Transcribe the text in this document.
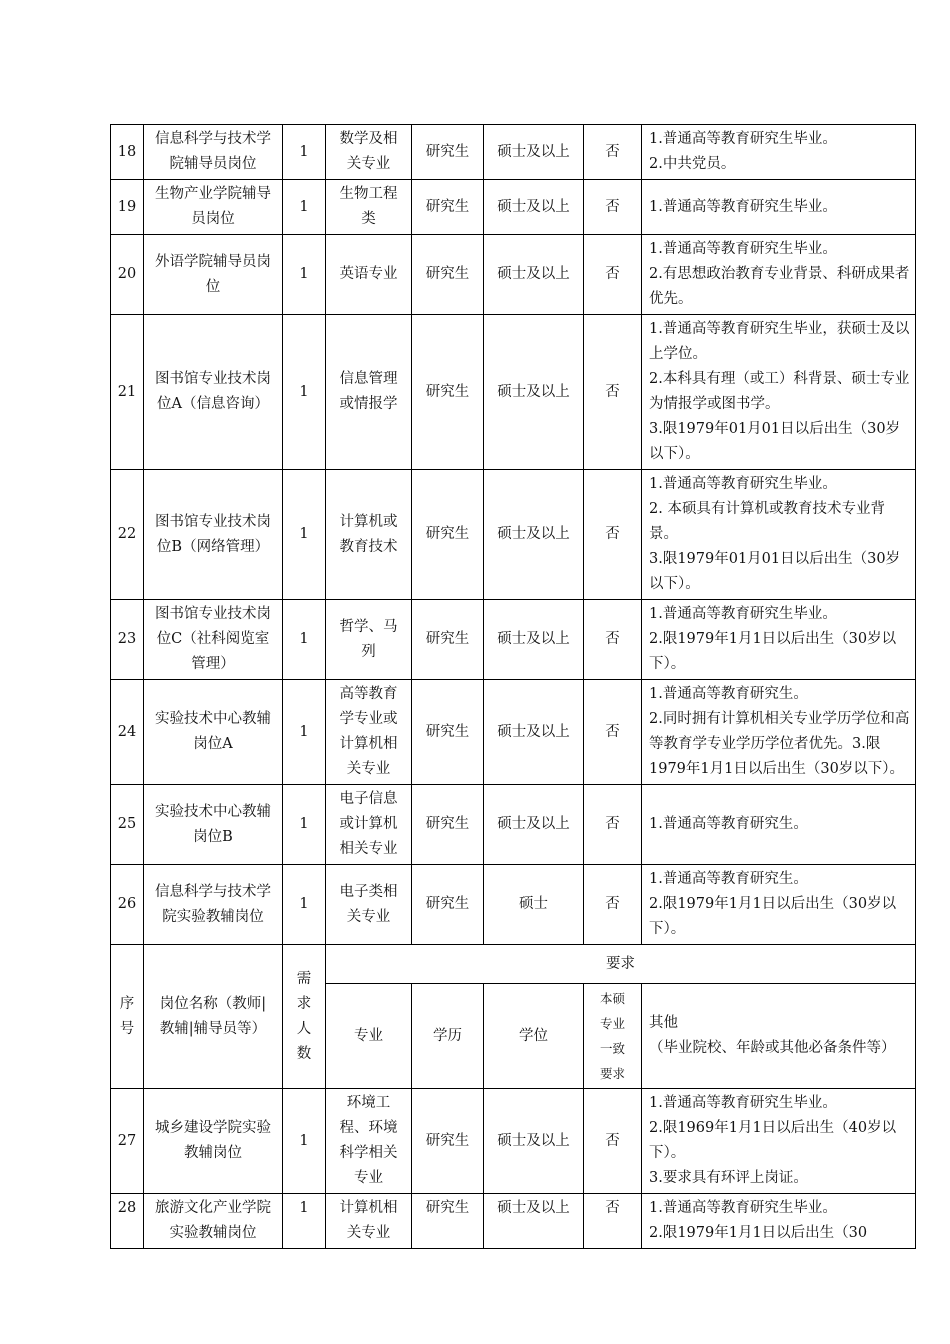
18	信息科学与技术学院辅导员岗位	1	数学及相关专业	研究生	硕士及以上	否	1.普通高等教育研究生毕业。
2.中共党员。

19	生物产业学院辅导员岗位	1	生物工程类	研究生	硕士及以上	否	1.普通高等教育研究生毕业。

20	外语学院辅导员岗位	1	英语专业	研究生	硕士及以上	否	1.普通高等教育研究生毕业。
2.有思想政治教育专业背景、科研成果者优先。

21	图书馆专业技术岗位A（信息咨询）	1	信息管理或情报学	研究生	硕士及以上	否	1.普通高等教育研究生毕业，获硕士及以上学位。
2.本科具有理（或工）科背景、硕士专业为情报学或图书学。
3.限1979年01月01日以后出生（30岁以下）。

22	图书馆专业技术岗位B（网络管理）	1	计算机或教育技术	研究生	硕士及以上	否	1.普通高等教育研究生毕业。
2. 本硕具有计算机或教育技术专业背景。
3.限1979年01月01日以后出生（30岁以下）。

23	图书馆专业技术岗位C（社科阅览室管理）	1	哲学、马列	研究生	硕士及以上	否	1.普通高等教育研究生毕业。
2.限1979年1月1日以后出生（30岁以下）。

24	实验技术中心教辅岗位A	1	高等教育学专业或计算机相关专业	研究生	硕士及以上	否	1.普通高等教育研究生。
2.同时拥有计算机相关专业学历学位和高等教育学专业学历学位者优先。3.限1979年1月1日以后出生（30岁以下）。

25	实验技术中心教辅岗位B	1	电子信息或计算机相关专业	研究生	硕士及以上	否	1.普通高等教育研究生。

26	信息科学与技术学院实验教辅岗位	1	电子类相关专业	研究生	硕士	否	1.普通高等教育研究生。
2.限1979年1月1日以后出生（30岁以下）。

序号	岗位名称（教师|教辅|辅导员等）	需求人数	要求				
			专业	学历	学位	本硕专业一致要求	其他
（毕业院校、年龄或其他必备条件等）

27	城乡建设学院实验教辅岗位	1	环境工程、环境科学相关专业	研究生	硕士及以上	否	1.普通高等教育研究生毕业。
2.限1969年1月1日以后出生（40岁以下）。
3.要求具有环评上岗证。

28	旅游文化产业学院实验教辅岗位	1	计算机相关专业	研究生	硕士及以上	否	1.普通高等教育研究生毕业。
2.限1979年1月1日以后出生（30
